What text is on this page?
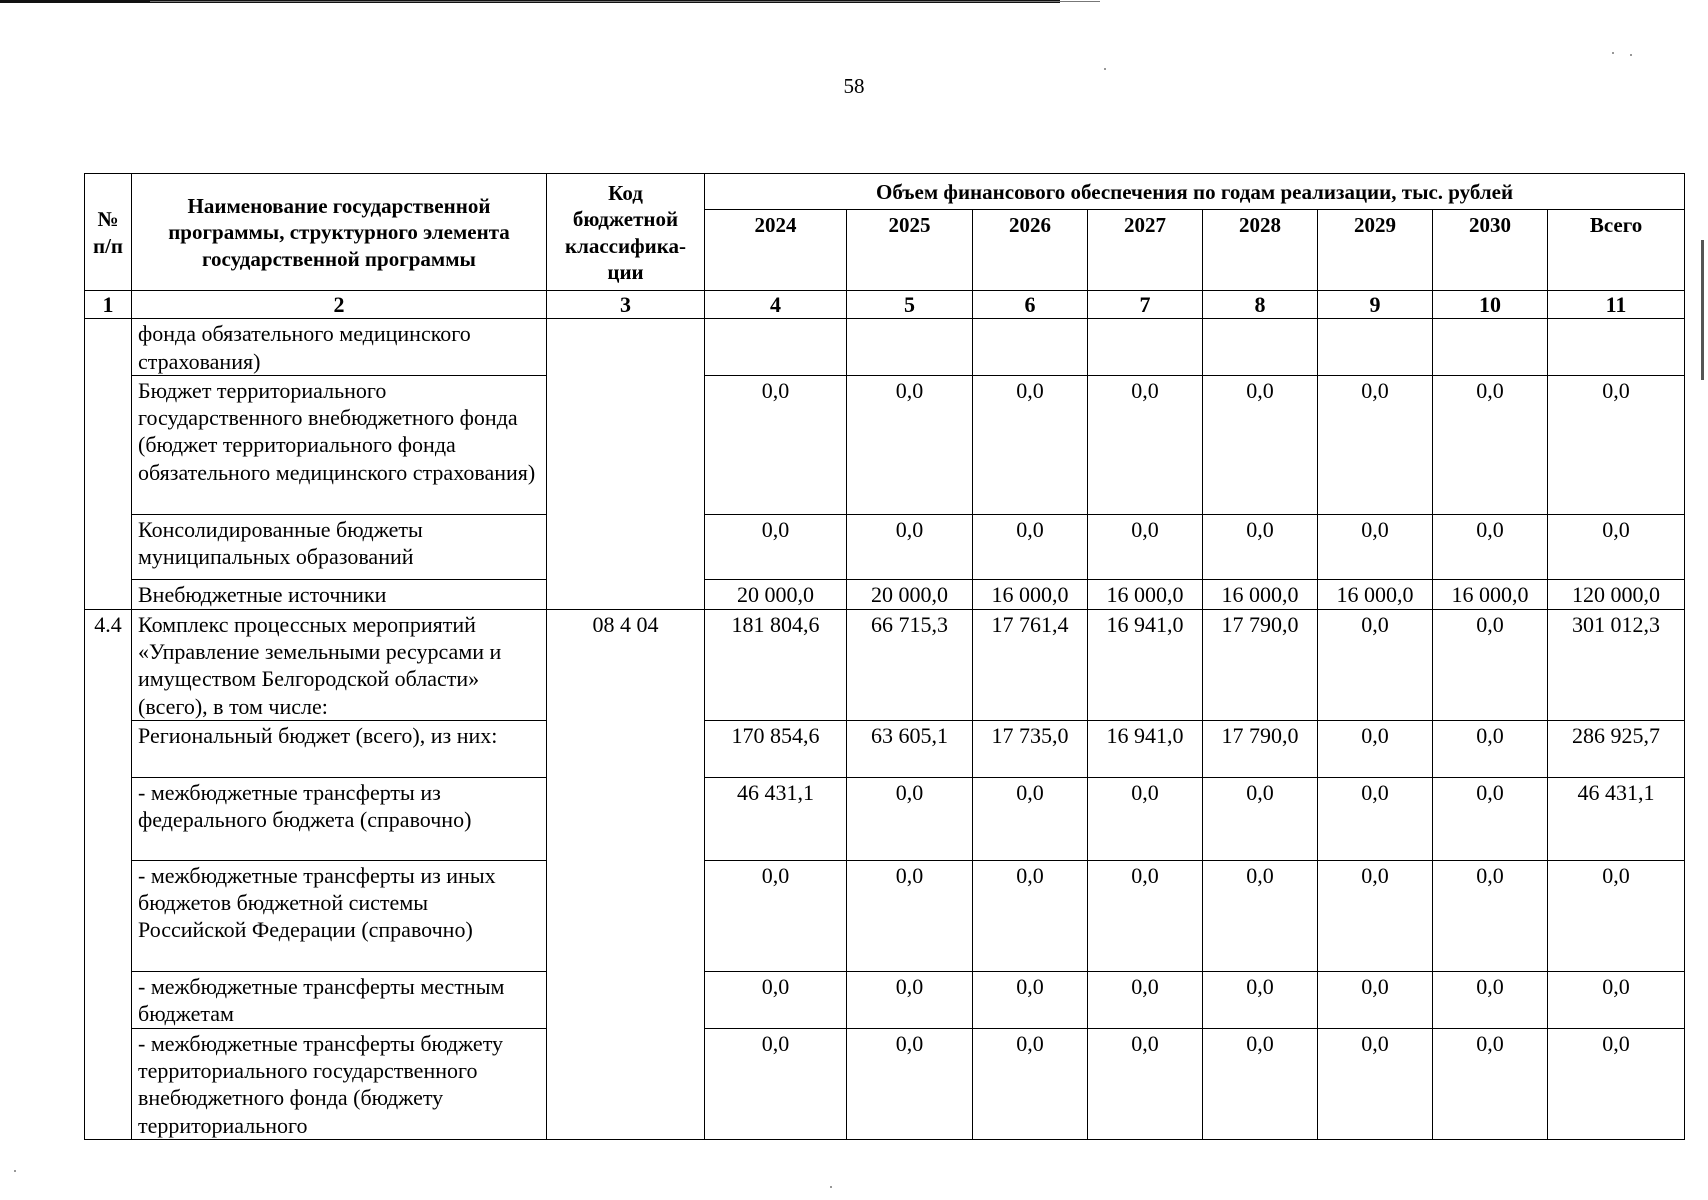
58
№ п/п	Наименование государственной программы, структурного элемента государственной программы	Код бюджетной классифика-ции	Объем финансового обеспечения по годам реализации, тыс. рублей							
			2024	2025	2026	2027	2028	2029	2030	Всего
1	2	3	4	5	6	7	8	9	10	11
	фонда обязательного медицинского страхования)									
	Бюджет территориального государственного внебюджетного фонда (бюджет территориального фонда обязательного медицинского страхования)		0,0	0,0	0,0	0,0	0,0	0,0	0,0	0,0
	Консолидированные бюджеты муниципальных образований		0,0	0,0	0,0	0,0	0,0	0,0	0,0	0,0
	Внебюджетные источники		20 000,0	20 000,0	16 000,0	16 000,0	16 000,0	16 000,0	16 000,0	120 000,0
4.4	Комплекс процессных мероприятий «Управление земельными ресурсами и имуществом Белгородской области» (всего), в том числе:	08 4 04	181 804,6	66 715,3	17 761,4	16 941,0	17 790,0	0,0	0,0	301 012,3
	Региональный бюджет (всего), из них:		170 854,6	63 605,1	17 735,0	16 941,0	17 790,0	0,0	0,0	286 925,7
	- межбюджетные трансферты из федерального бюджета (справочно)		46 431,1	0,0	0,0	0,0	0,0	0,0	0,0	46 431,1
	- межбюджетные трансферты из иных бюджетов бюджетной системы Российской Федерации (справочно)		0,0	0,0	0,0	0,0	0,0	0,0	0,0	0,0
	- межбюджетные трансферты местным бюджетам		0,0	0,0	0,0	0,0	0,0	0,0	0,0	0,0
	- межбюджетные трансферты бюджету территориального государственного внебюджетного фонда (бюджету территориального		0,0	0,0	0,0	0,0	0,0	0,0	0,0	0,0
